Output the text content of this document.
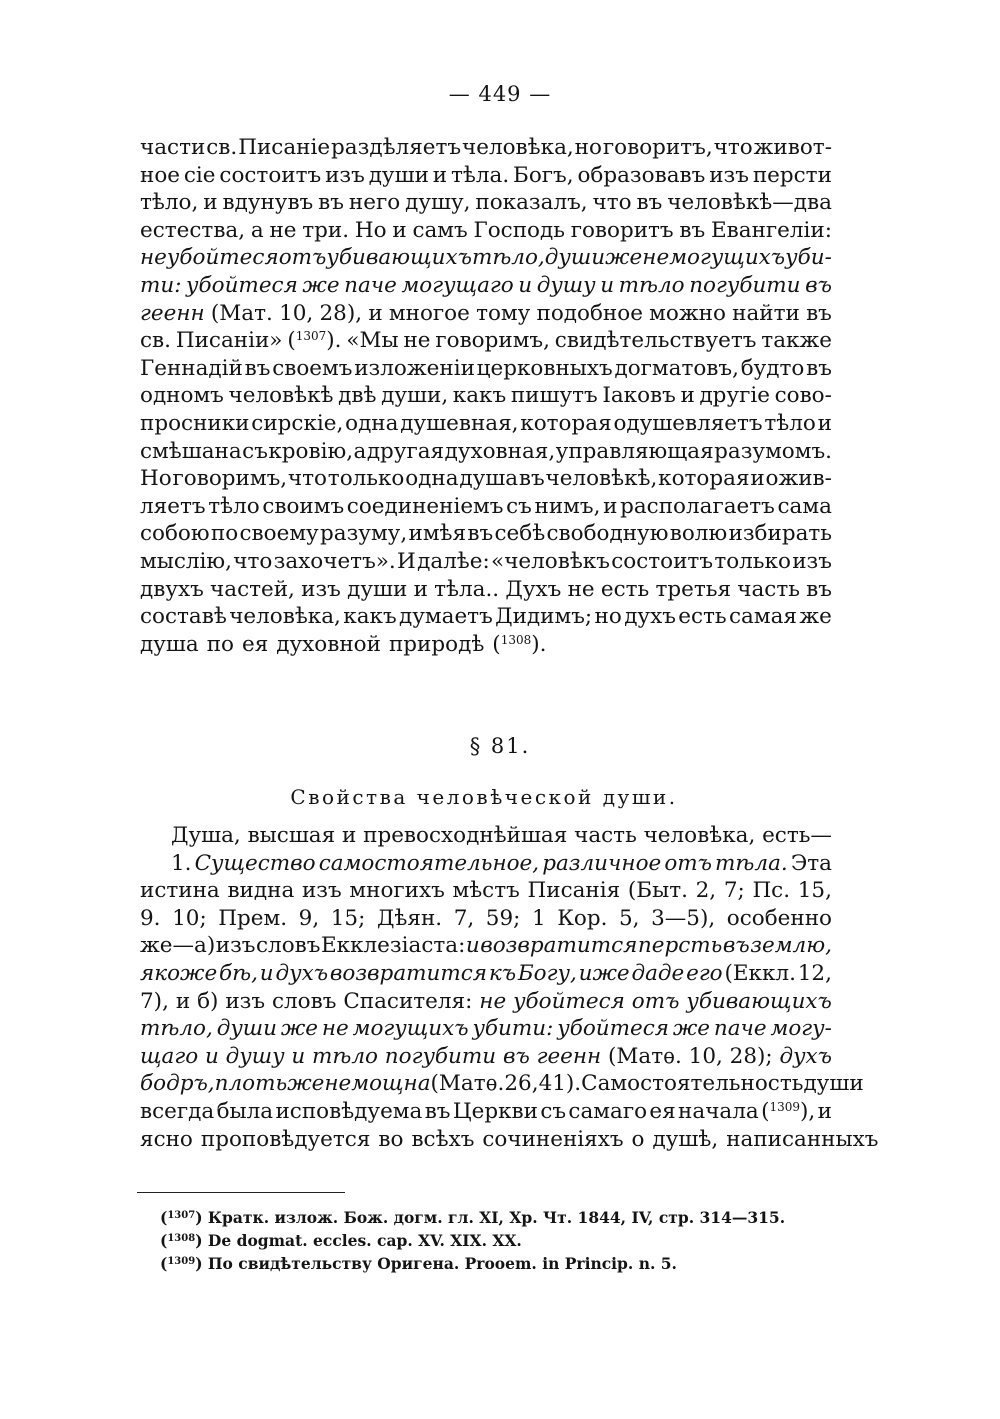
— 449 —
части св. Писаніе раздѣляетъ человѣка, но говоритъ, что живот-
ное сіе состоитъ изъ души и тѣла. Богъ, образовавъ изъ персти
тѣло, и вдунувъ въ него душу, показалъ, что въ человѣкѣ—два
естества, а не три. Но и самъ Господь говоритъ въ Евангеліи:
не убойтеся отъ убивающихъ тѣло, души же не могущихъ уби-
ти: убойтеся же паче могущаго и душу и тѣло погубити въ
геенн (Мат. 10, 28), и многое тому подобное можно найти въ
св. Писаніи» ($^{1307}$). «Мы не говоримъ, свидѣтельствуетъ также
Геннадій въ своемъ изложеніи церковныхъ догматовъ, будто въ
одномъ человѣкѣ двѣ души, какъ пишутъ Іаковъ и другіе сово-
просники сирскіе, одна душевная, которая одушевляетъ тѣло и
смѣшана съ кровію, а другая духовная, управляющая разумомъ.
Но говоримъ, что только одна душа въ человѣкѣ, которая и ожив-
ляетъ тѣло своимъ соединеніемъ съ нимъ, и располагаетъ сама
собою по своему разуму, имѣя въ себѣ свободную волю избирать
мыслію, что захочетъ». И далѣе: «человѣкъ состоитъ только изъ
двухъ частей, изъ души и тѣла.. Духъ не есть третья часть въ
составѣ человѣка, какъ думаетъ Дидимъ; но духъ есть самая же
душа по ея духовной природѣ ($^{1308}$).
§ 81.
Свойства человѣческой души.
Душа, высшая и превосходнѣйшая часть человѣка, есть—
1. Существо самостоятельное, различное отъ тѣла. Эта
истина видна изъ многихъ мѣстъ Писанія (Быт. 2, 7; Пс. 15,
9. 10; Прем. 9, 15; Дѣян. 7, 59; 1 Кор. 5, 3—5), особенно
же—а) изъ словъ Екклезіаста: и возвратится персть въ землю,
якоже бѣ, и духъ возвратится къ Богу, иже даде его (Еккл. 12,
7), и б) изъ словъ Спасителя: не убойтеся отъ убивающихъ
тѣло, души же не могущихъ убити: убойтеся же паче могу-
щаго и душу и тѣло погубити въ геенн (Матѳ. 10, 28); духъ
бодръ, плоть же немощна (Матѳ. 26, 41). Самостоятельность души
всегда была исповѣдуема въ Церкви съ самаго ея начала ($^{1309}$), и
ясно проповѣдуется во всѣхъ сочиненіяхъ о душѣ, написанныхъ
($^{1307}$) Кратк. излож. Бож. догм. гл. XI, Хр. Чт. 1844, IV, стр. 314—315.
($^{1308}$) De dogmat. eccles. cap. XV. XIX. XX.
($^{1309}$) По свидѣтельству Оригена. Prooem. in Princip. n. 5.
